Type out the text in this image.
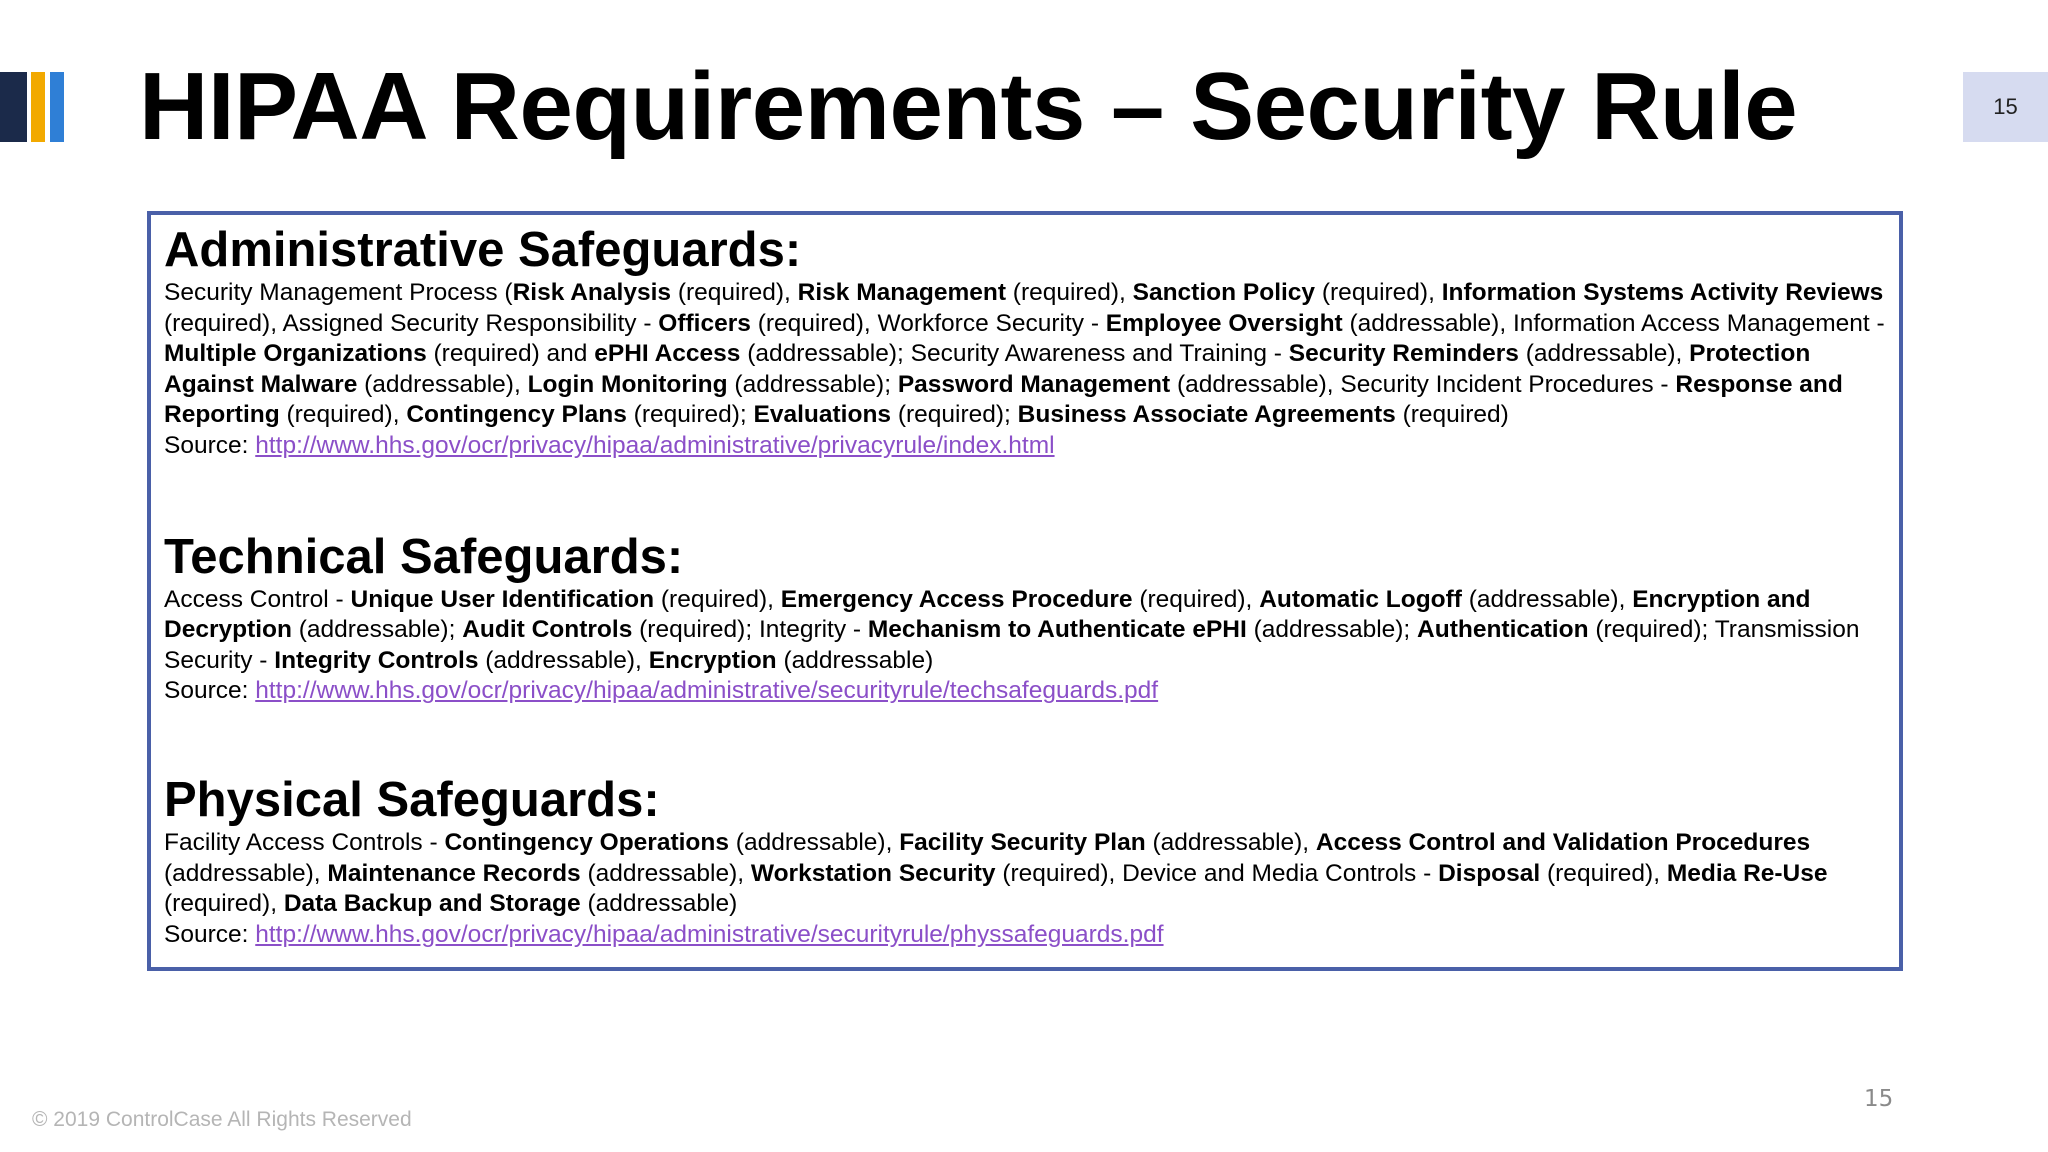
HIPAA Requirements – Security Rule	15

Administrative Safeguards:

Security Management Process (Risk Analysis (required), Risk Management (required), Sanction Policy (required), Information Systems Activity Reviews (required), Assigned Security Responsibility - Officers (required), Workforce Security - Employee Oversight (addressable), Information Access Management - Multiple Organizations (required) and ePHI Access (addressable); Security Awareness and Training - Security Reminders (addressable), Protection Against Malware (addressable), Login Monitoring (addressable); Password Management (addressable), Security Incident Procedures - Response and Reporting (required), Contingency Plans (required); Evaluations (required); Business Associate Agreements (required)

Source: http://www.hhs.gov/ocr/privacy/hipaa/administrative/privacyrule/index.html

Technical Safeguards:

Access Control - Unique User Identification (required), Emergency Access Procedure (required), Automatic Logoff (addressable), Encryption and Decryption (addressable); Audit Controls (required); Integrity - Mechanism to Authenticate ePHI (addressable); Authentication (required); Transmission Security - Integrity Controls (addressable), Encryption (addressable)

Source: http://www.hhs.gov/ocr/privacy/hipaa/administrative/securityrule/techsafeguards.pdf

Physical Safeguards:

Facility Access Controls - Contingency Operations (addressable), Facility Security Plan (addressable), Access Control and Validation Procedures (addressable), Maintenance Records (addressable), Workstation Security (required), Device and Media Controls - Disposal (required), Media Re-Use (required), Data Backup and Storage (addressable)

Source: http://www.hhs.gov/ocr/privacy/hipaa/administrative/securityrule/physsafeguards.pdf

© 2019 ControlCase All Rights Reserved
15
